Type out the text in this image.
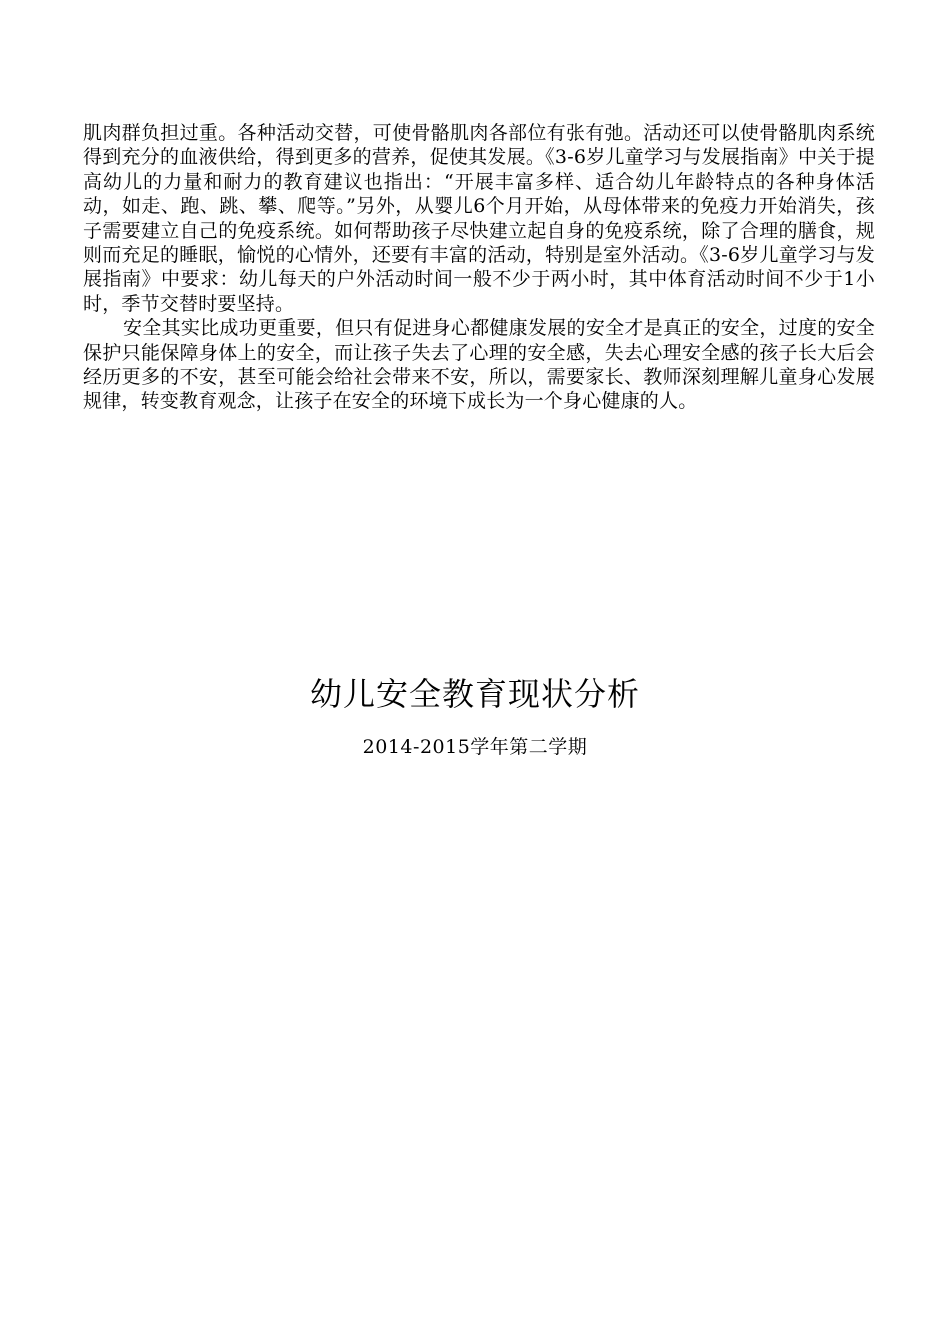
肌肉群负担过重。各种活动交替，可使骨骼肌肉各部位有张有弛。活动还可以使骨骼肌肉系统得到充分的血液供给，得到更多的营养，促使其发展。《3-6岁儿童学习与发展指南》中关于提高幼儿的力量和耐力的教育建议也指出：“开展丰富多样、适合幼儿年龄特点的各种身体活动，如走、跑、跳、攀、爬等。”另外，从婴儿6个月开始，从母体带来的免疫力开始消失，孩子需要建立自己的免疫系统。如何帮助孩子尽快建立起自身的免疫系统，除了合理的膳食，规则而充足的睡眠，愉悦的心情外，还要有丰富的活动，特别是室外活动。《3-6岁儿童学习与发展指南》中要求：幼儿每天的户外活动时间一般不少于两小时，其中体育活动时间不少于1小时，季节交替时要坚持。

安全其实比成功更重要，但只有促进身心都健康发展的安全才是真正的安全，过度的安全保护只能保障身体上的安全，而让孩子失去了心理的安全感，失去心理安全感的孩子长大后会经历更多的不安，甚至可能会给社会带来不安，所以，需要家长、教师深刻理解儿童身心发展规律，转变教育观念，让孩子在安全的环境下成长为一个身心健康的人。

幼儿安全教育现状分析
2014-2015学年第二学期
